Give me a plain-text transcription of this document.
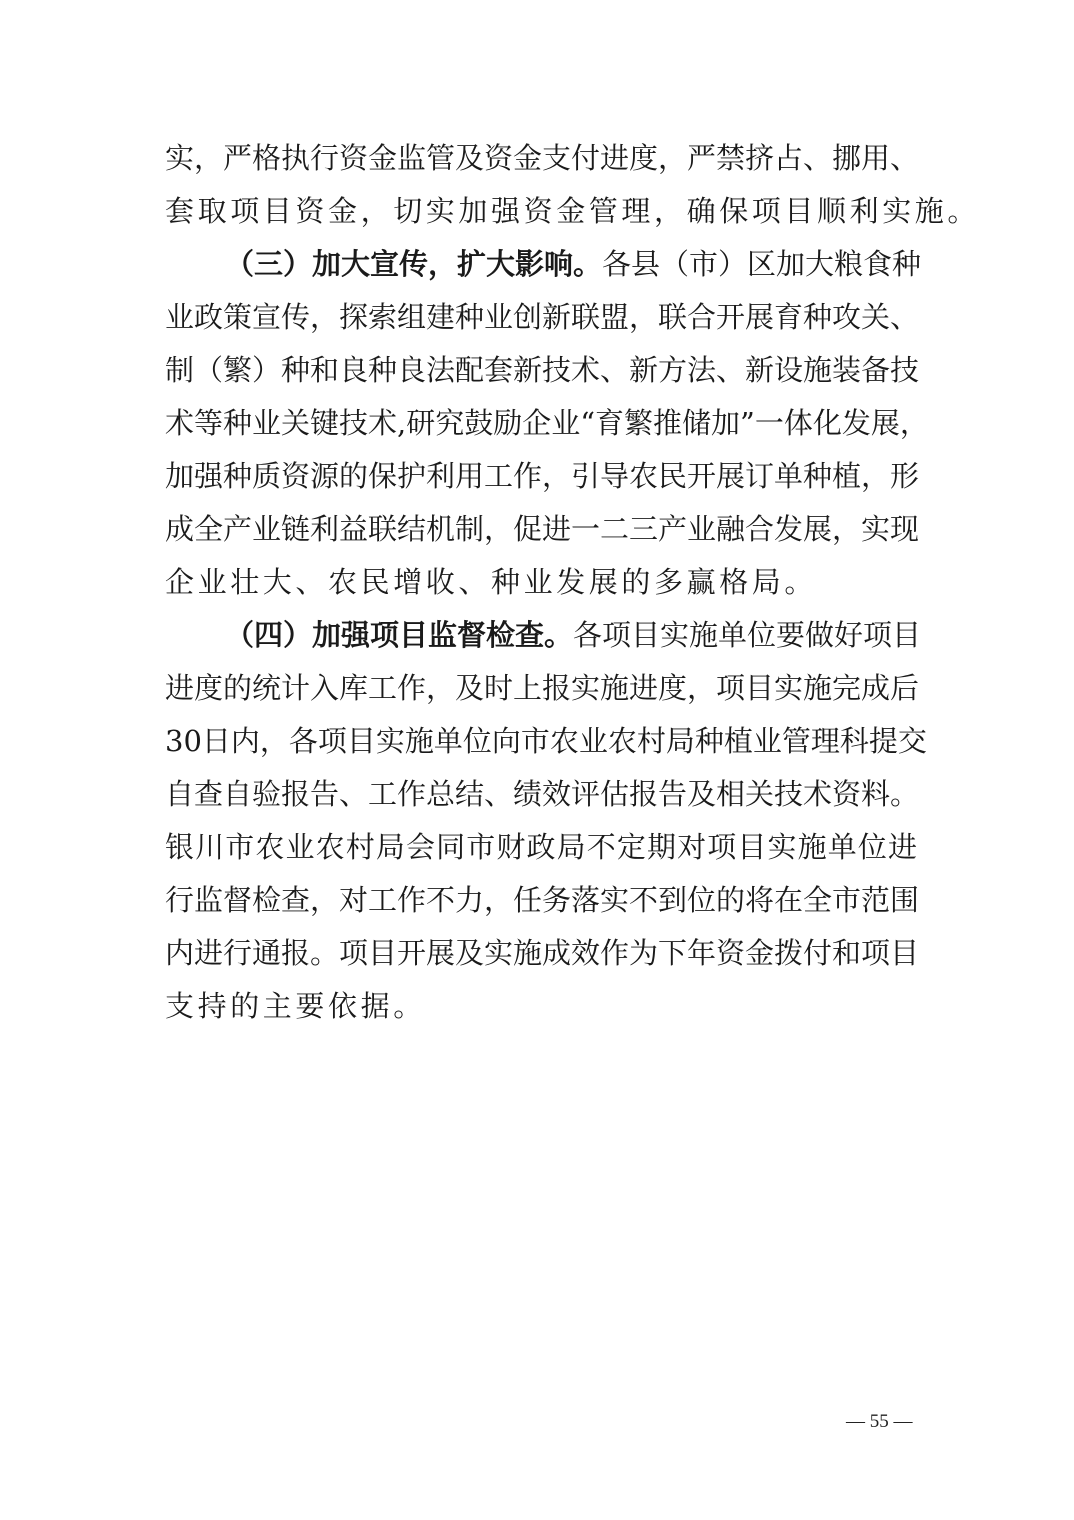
实，严格执行资金监管及资金支付进度，严禁挤占、挪用、
套取项目资金，切实加强资金管理，确保项目顺利实施。
（三）加大宣传，扩大影响。各县（市）区加大粮食种
业政策宣传，探索组建种业创新联盟，联合开展育种攻关、
制（繁）种和良种良法配套新技术、新方法、新设施装备技
术等种业关键技术,研究鼓励企业“育繁推储加”一体化发展，
加强种质资源的保护利用工作，引导农民开展订单种植，形
成全产业链利益联结机制，促进一二三产业融合发展，实现
企业壮大、农民增收、种业发展的多赢格局。
（四）加强项目监督检查。各项目实施单位要做好项目
进度的统计入库工作，及时上报实施进度，项目实施完成后
30日内，各项目实施单位向市农业农村局种植业管理科提交
自查自验报告、工作总结、绩效评估报告及相关技术资料。
银川市农业农村局会同市财政局不定期对项目实施单位进
行监督检查，对工作不力，任务落实不到位的将在全市范围
内进行通报。项目开展及实施成效作为下年资金拨付和项目
支持的主要依据。
— 55 —
